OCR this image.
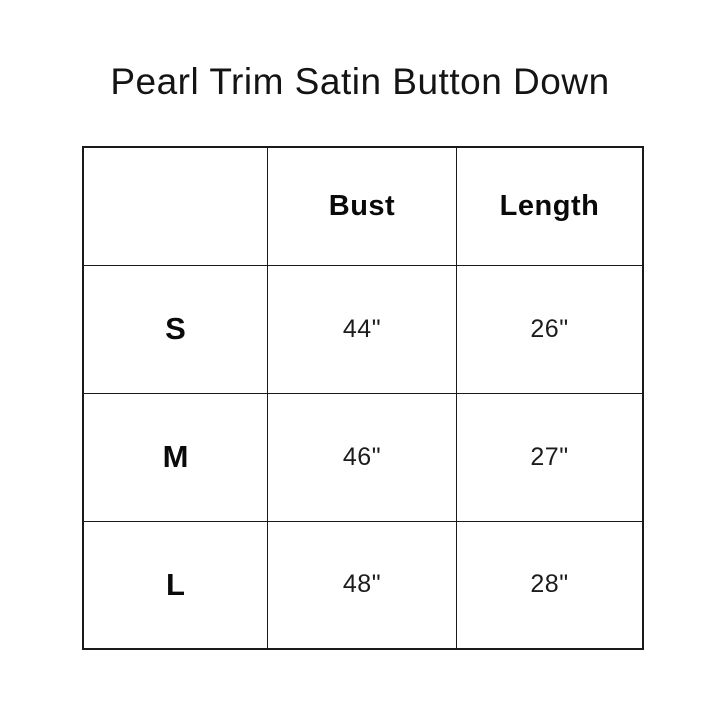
Pearl Trim Satin Button Down
	Bust	Length
S	44"	26"
M	46"	27"
L	48"	28"
